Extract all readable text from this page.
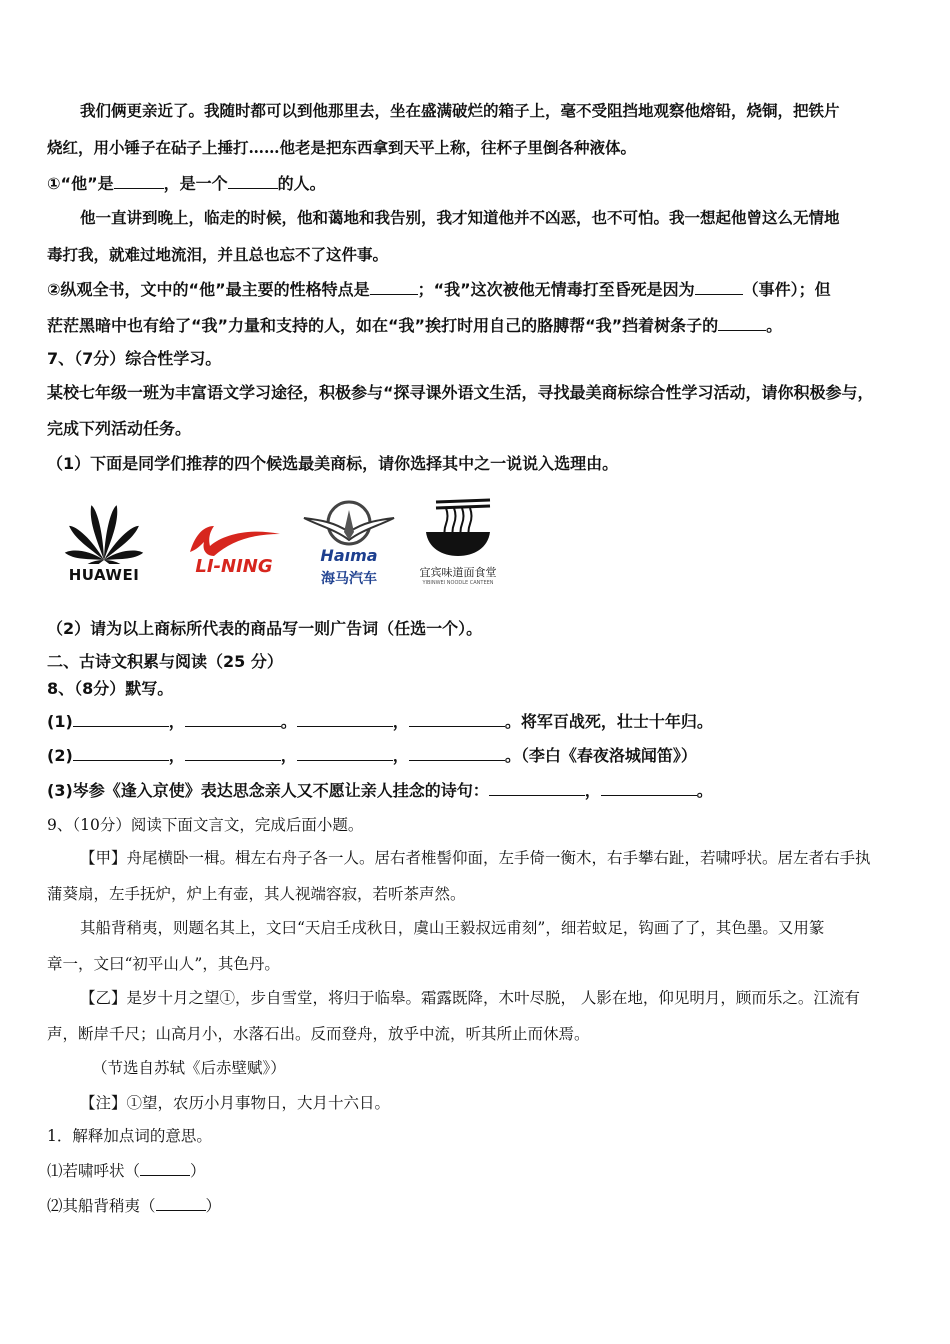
我们俩更亲近了。我随时都可以到他那里去，坐在盛满破烂的箱子上，毫不受阻挡地观察他熔铅，烧铜，把铁片
烧红，用小锤子在砧子上捶打……他老是把东西拿到天平上称，往杯子里倒各种液体。
①“他”是	，是一个	的人。
他一直讲到晚上，临走的时候，他和蔼地和我告别，我才知道他并不凶恶，也不可怕。我一想起他曾这么无情地
毒打我，就难过地流泪，并且总也忘不了这件事。
②纵观全书，文中的“他”最主要的性格特点是	；“我”这次被他无情毒打至昏死是因为	（事件）；但
茫茫黑暗中也有给了“我”力量和支持的人，如在“我”挨打时用自己的胳膊帮“我”挡着树条子的	。
7、（7分）综合性学习。
某校七年级一班为丰富语文学习途径，积极参与“探寻课外语文生活，寻找最美商标综合性学习活动，请你积极参与，
完成下列活动任务。
（1）下面是同学们推荐的四个候选最美商标，请你选择其中之一说说入选理由。
HUAWEI	LI-NING
Haıma
海马汽车	宜宾味道面食堂
YIBINWEI NOODLE CANTEEN
（2）请为以上商标所代表的商品写一则广告词（任选一个）。
二、古诗文积累与阅读（25 分）
8、（8分）默写。
(1)	，	。	，	。将军百战死，壮士十年归。
(2)	，	，	，	。（李白《春夜洛城闻笛》）
(3)岑参《逢入京使》表达思念亲人又不愿让亲人挂念的诗句：	，	。
9、（10分）阅读下面文言文，完成后面小题。
【甲】舟尾横卧一楫。楫左右舟子各一人。居右者椎髻仰面，左手倚一衡木，右手攀右趾，若啸呼状。居左者右手执
蒲葵扇，左手抚炉，炉上有壶，其人视端容寂，若听茶声然。
其船背稍夷，则题名其上，文曰“天启壬戌秋日，虞山王毅叔远甫刻”，细若蚊足，钩画了了，其色墨。又用篆
章一，文曰“初平山人”，其色丹。
【乙】是岁十月之望①，步自雪堂，将归于临皋。霜露既降，木叶尽脱， 人影在地，仰见明月，顾而乐之。江流有
声，断岸千尺；山高月小，水落石出。反而登舟，放乎中流，听其所止而休焉。
（节选自苏轼《后赤壁赋》）
【注】①望，农历小月事物日，大月十六日。
1．解释加点词的意思。
⑴若啸呼状（	）
⑵其船背稍夷（	）
